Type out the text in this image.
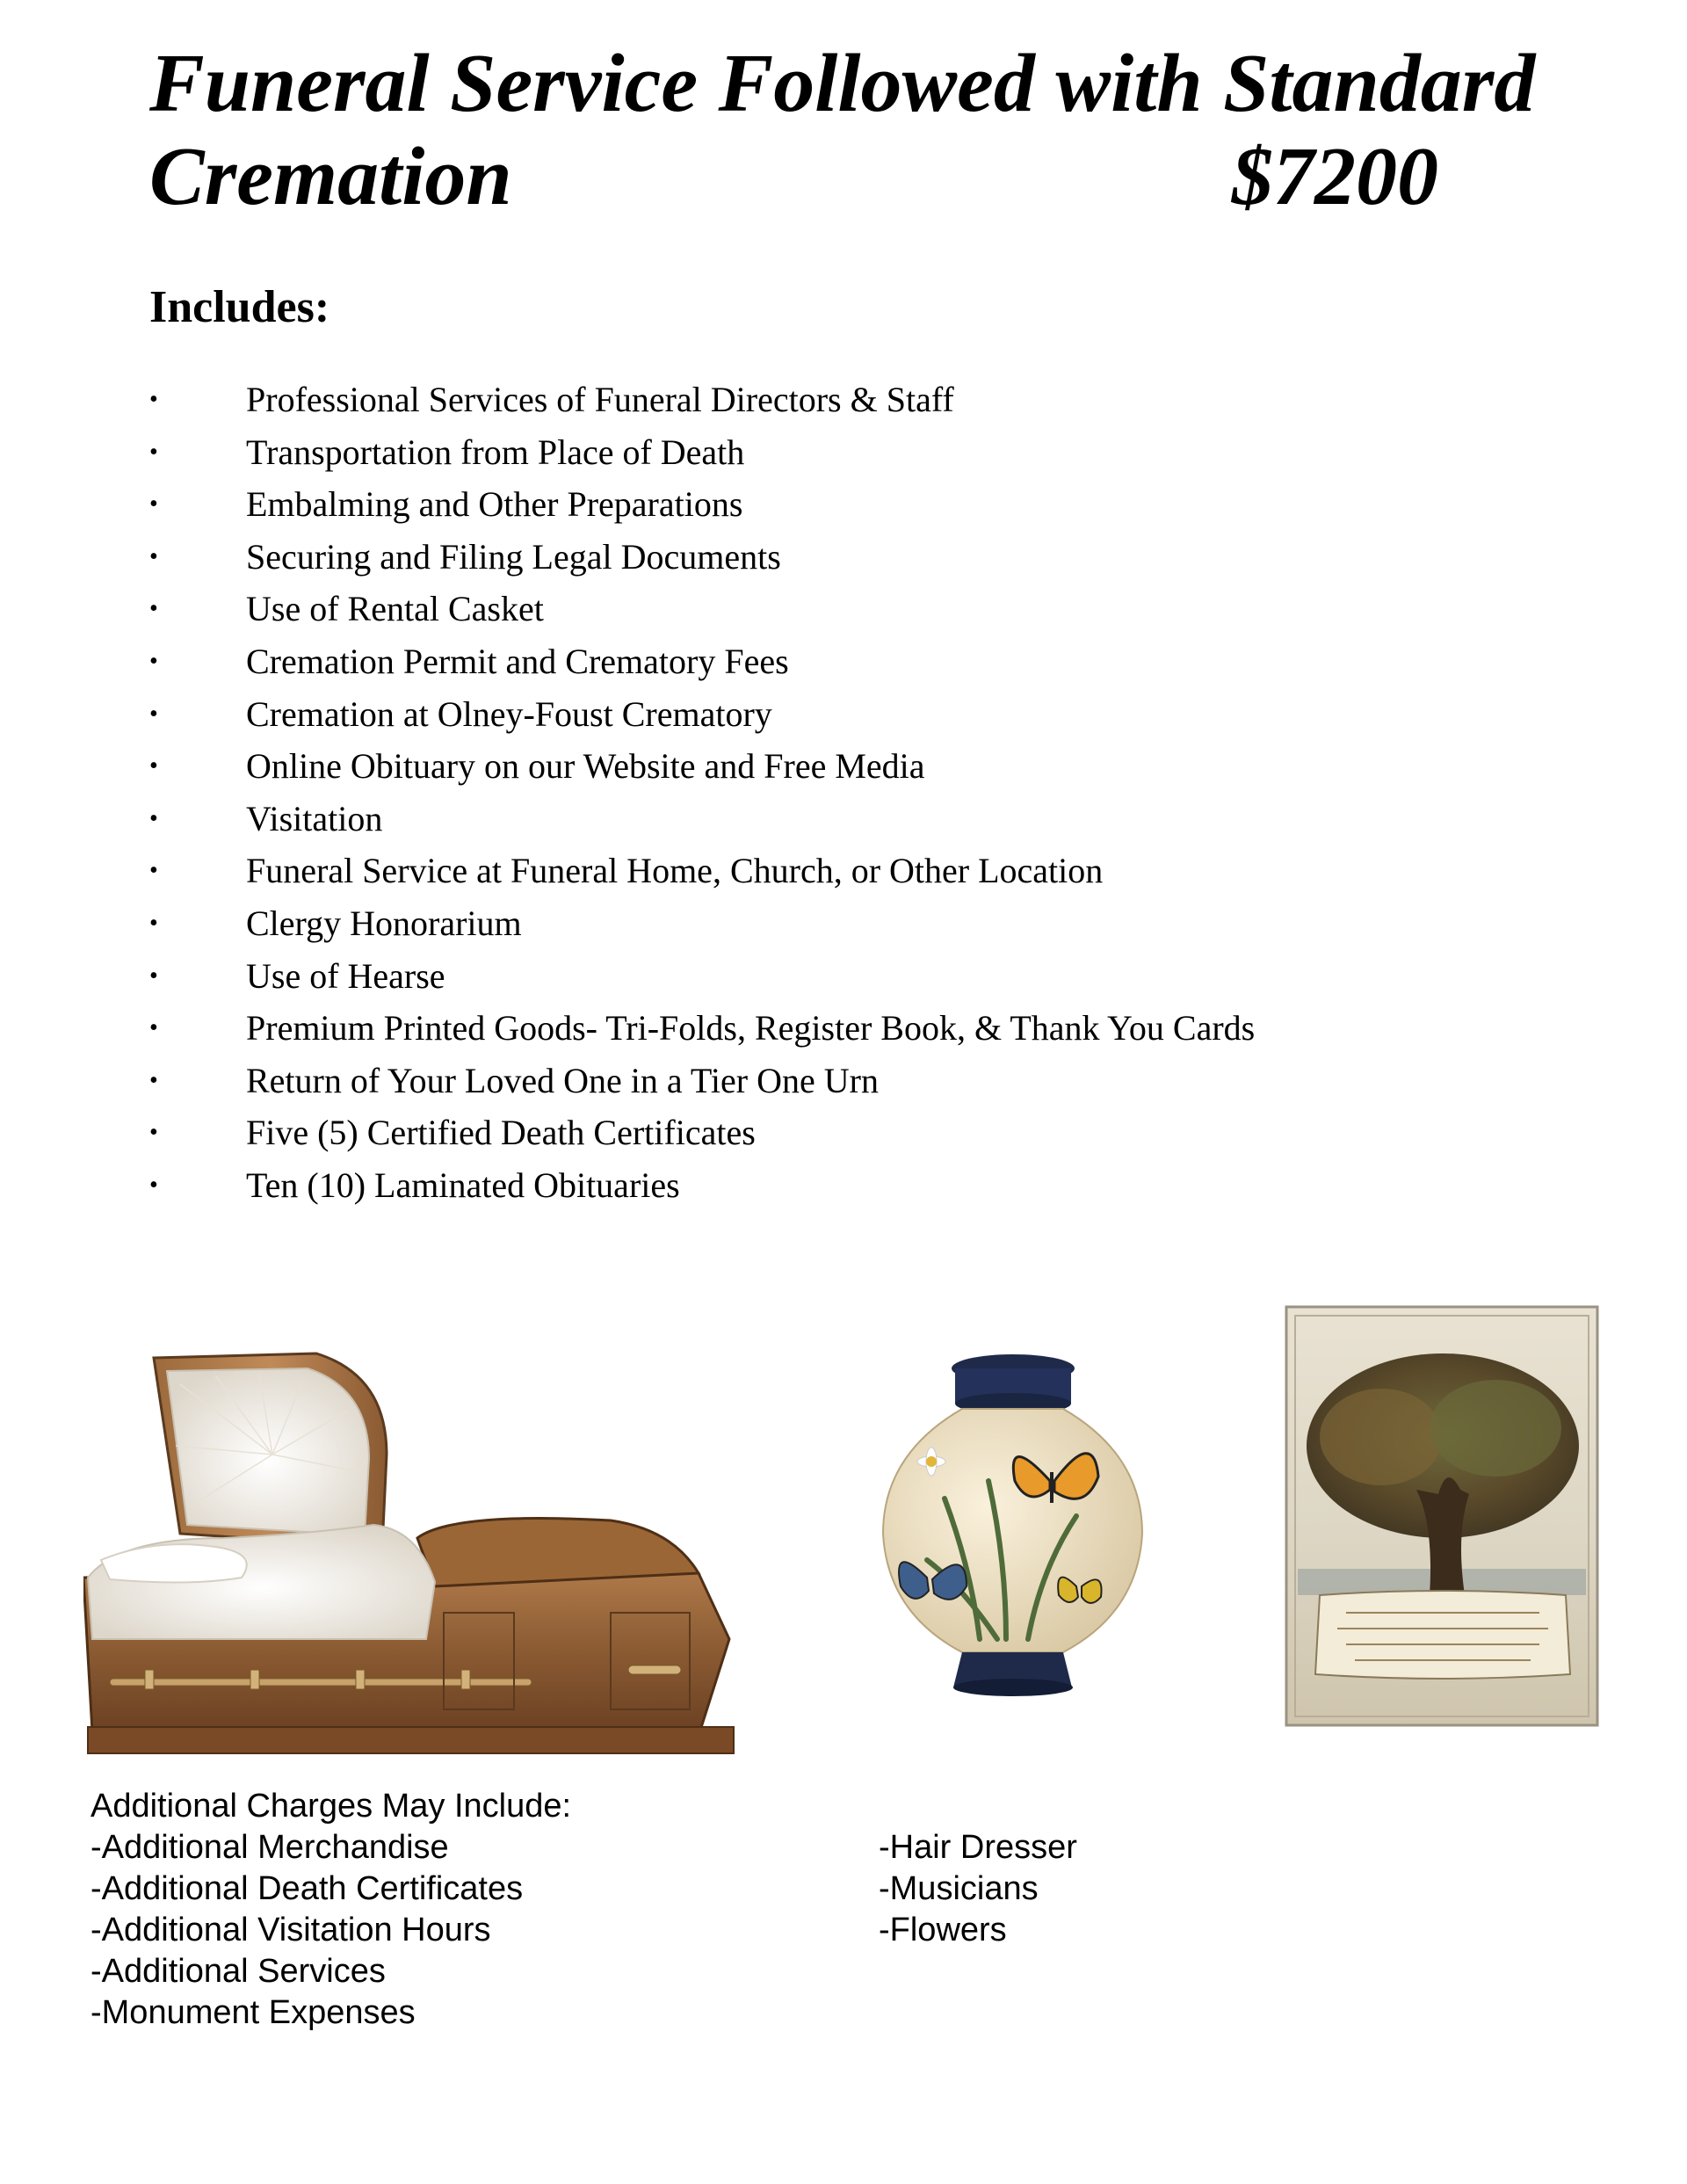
Funeral Service Followed with Standard
Cremation	$7200
Includes:
•	Professional Services of Funeral Directors & Staff
•	Transportation from Place of Death
•	Embalming and Other Preparations
•	Securing and Filing Legal Documents
•	Use of Rental Casket
•	Cremation Permit and Crematory Fees
•	Cremation at Olney-Foust Crematory
•	Online Obituary on our Website and Free Media
•	Visitation
•	Funeral Service at Funeral Home, Church, or Other Location
•	Clergy Honorarium
•	Use of Hearse
•	Premium Printed Goods- Tri-Folds, Register Book, & Thank You Cards
•	Return of Your Loved One in a Tier One Urn
•	Five (5) Certified Death Certificates
•	Ten (10) Laminated Obituaries
Additional Charges May Include:
-Additional Merchandise
-Additional Death Certificates
-Additional Visitation Hours
-Additional Services
-Monument Expenses
-Hair Dresser
-Musicians
-Flowers
